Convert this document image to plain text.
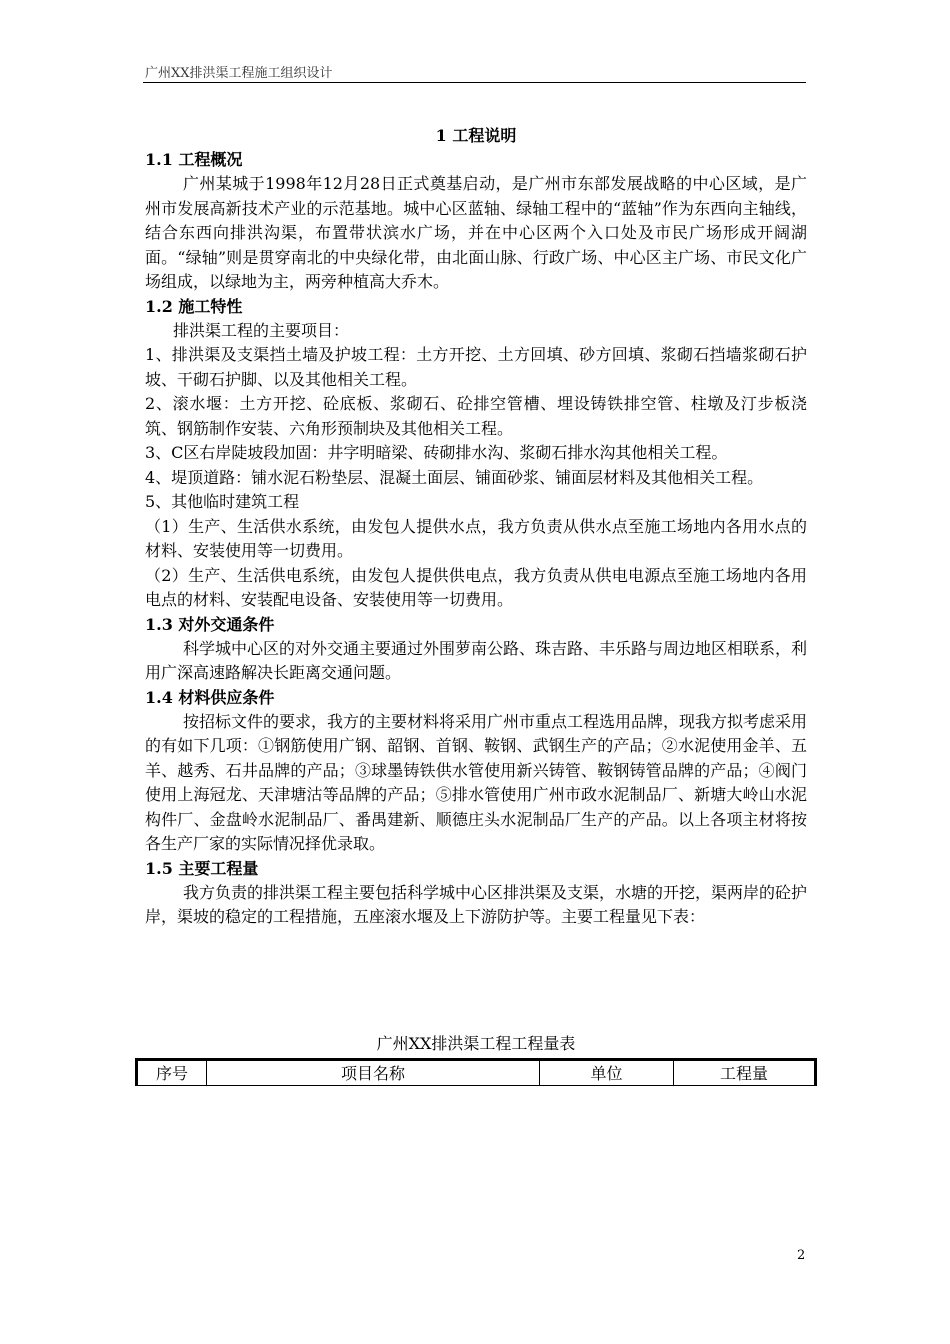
广州XX排洪渠工程施工组织设计

1 工程说明

1.1 工程概况

广州某城于1998年12月28日正式奠基启动，是广州市东部发展战略的中心区域，是广州市发展高新技术产业的示范基地。城中心区蓝轴、绿轴工程中的“蓝轴”作为东西向主轴线，结合东西向排洪沟渠，布置带状滨水广场，并在中心区两个入口处及市民广场形成开阔湖面。“绿轴”则是贯穿南北的中央绿化带，由北面山脉、行政广场、中心区主广场、市民文化广场组成，以绿地为主，两旁种植高大乔木。

1.2 施工特性

排洪渠工程的主要项目：

1、排洪渠及支渠挡土墙及护坡工程：土方开挖、土方回填、砂方回填、浆砌石挡墙浆砌石护坡、干砌石护脚、以及其他相关工程。

2、滚水堰：土方开挖、砼底板、浆砌石、砼排空管槽、埋设铸铁排空管、柱墩及汀步板浇筑、钢筋制作安装、六角形预制块及其他相关工程。

3、C区右岸陡坡段加固：井字明暗梁、砖砌排水沟、浆砌石排水沟其他相关工程。

4、堤顶道路：铺水泥石粉垫层、混凝土面层、铺面砂浆、铺面层材料及其他相关工程。

5、其他临时建筑工程

（1）生产、生活供水系统，由发包人提供水点，我方负责从供水点至施工场地内各用水点的材料、安装使用等一切费用。

（2）生产、生活供电系统，由发包人提供供电点，我方负责从供电电源点至施工场地内各用电点的材料、安装配电设备、安装使用等一切费用。

1.3 对外交通条件

科学城中心区的对外交通主要通过外围萝南公路、珠吉路、丰乐路与周边地区相联系，利用广深高速路解决长距离交通问题。

1.4 材料供应条件

按招标文件的要求，我方的主要材料将采用广州市重点工程选用品牌，现我方拟考虑采用的有如下几项：①钢筋使用广钢、韶钢、首钢、鞍钢、武钢生产的产品；②水泥使用金羊、五羊、越秀、石井品牌的产品；③球墨铸铁供水管使用新兴铸管、鞍钢铸管品牌的产品；④阀门使用上海冠龙、天津塘沽等品牌的产品；⑤排水管使用广州市政水泥制品厂、新塘大岭山水泥构件厂、金盘岭水泥制品厂、番禺建新、顺德庄头水泥制品厂生产的产品。以上各项主材将按各生产厂家的实际情况择优录取。

1.5 主要工程量

我方负责的排洪渠工程主要包括科学城中心区排洪渠及支渠，水塘的开挖，渠两岸的砼护岸，渠坡的稳定的工程措施，五座滚水堰及上下游防护等。主要工程量见下表：

广州XX排洪渠工程工程量表

序号	项目名称	单位	工程量
2
